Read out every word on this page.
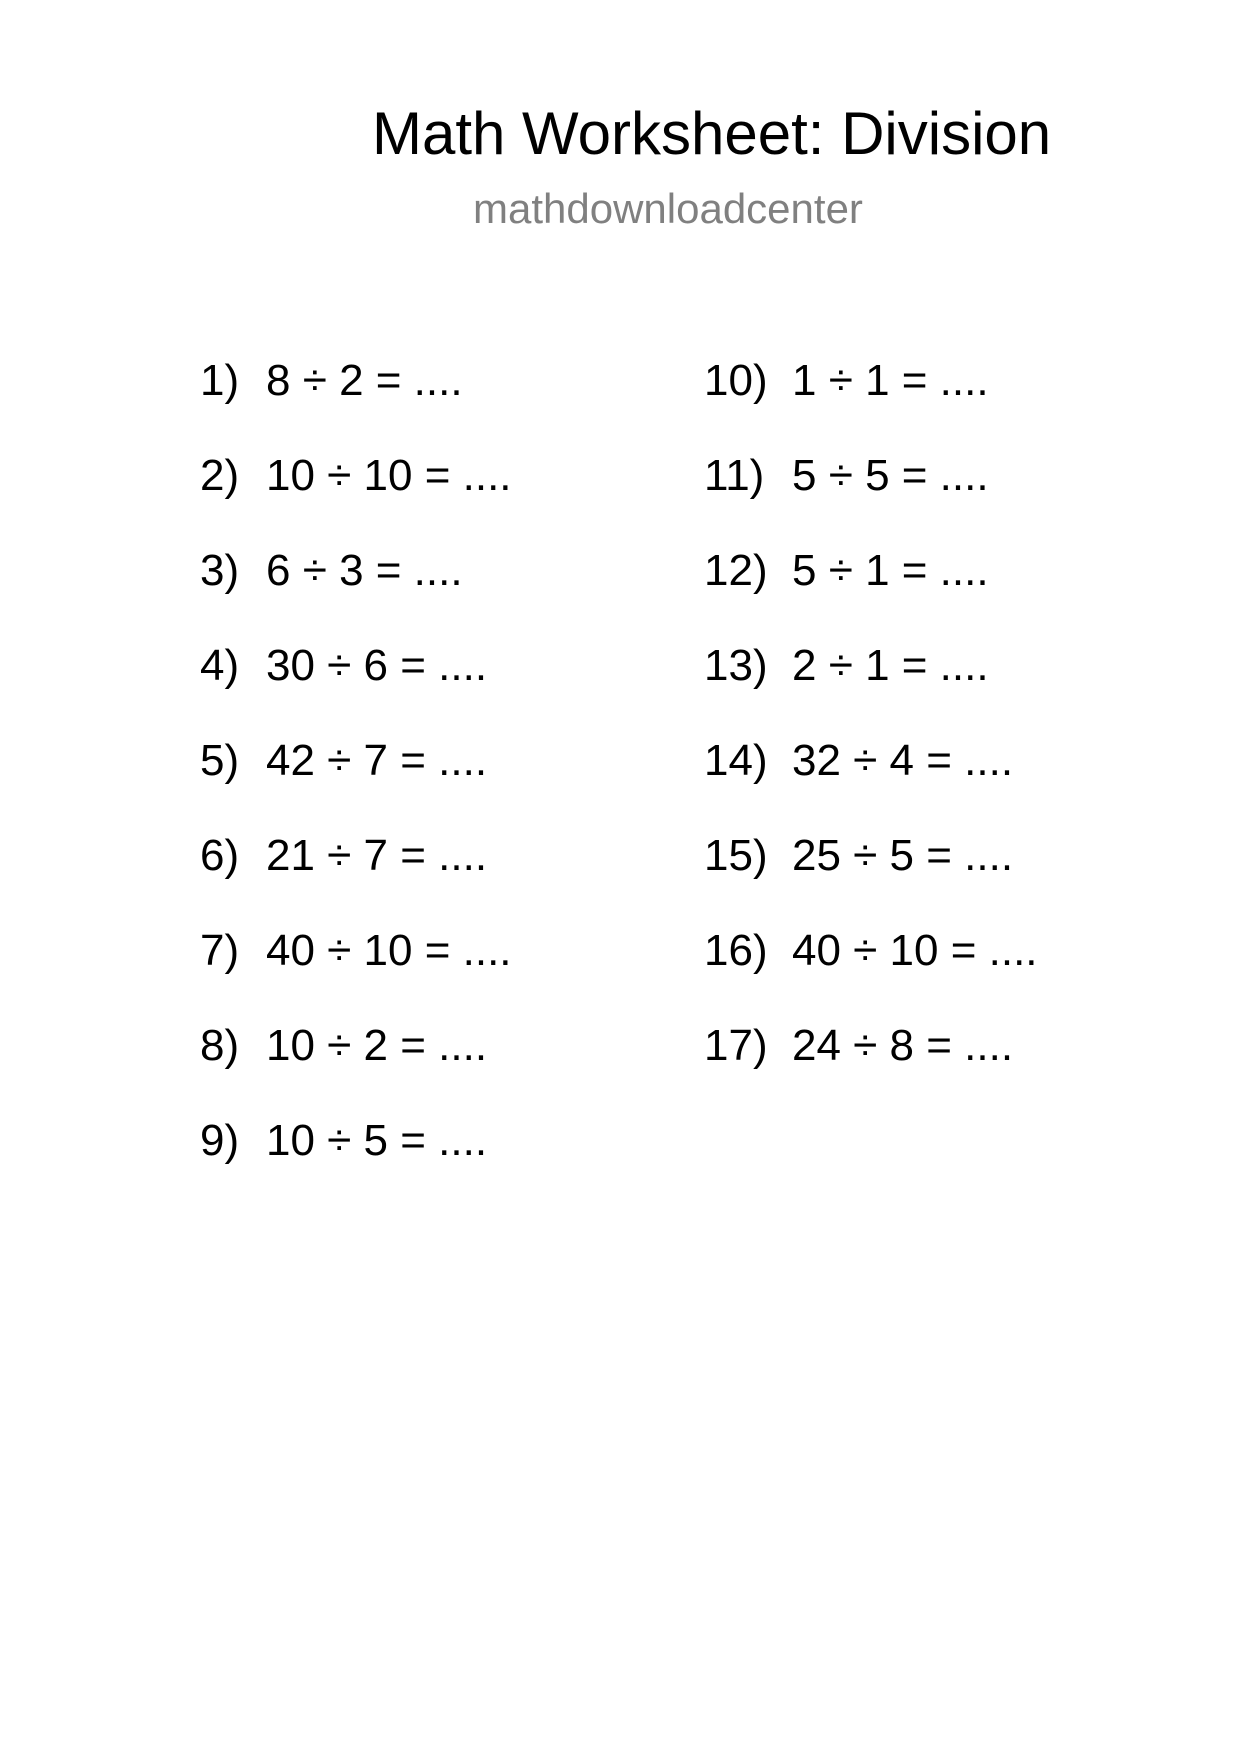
Math Worksheet: Division
mathdownloadcenter
1) 8 ÷ 2 = ....
2) 10 ÷ 10 = ....
3) 6 ÷ 3 = ....
4) 30 ÷ 6 = ....
5) 42 ÷ 7 = ....
6) 21 ÷ 7 = ....
7) 40 ÷ 10 = ....
8) 10 ÷ 2 = ....
9) 10 ÷ 5 = ....
10) 1 ÷ 1 = ....
11) 5 ÷ 5 = ....
12) 5 ÷ 1 = ....
13) 2 ÷ 1 = ....
14) 32 ÷ 4 = ....
15) 25 ÷ 5 = ....
16) 40 ÷ 10 = ....
17) 24 ÷ 8 = ....
